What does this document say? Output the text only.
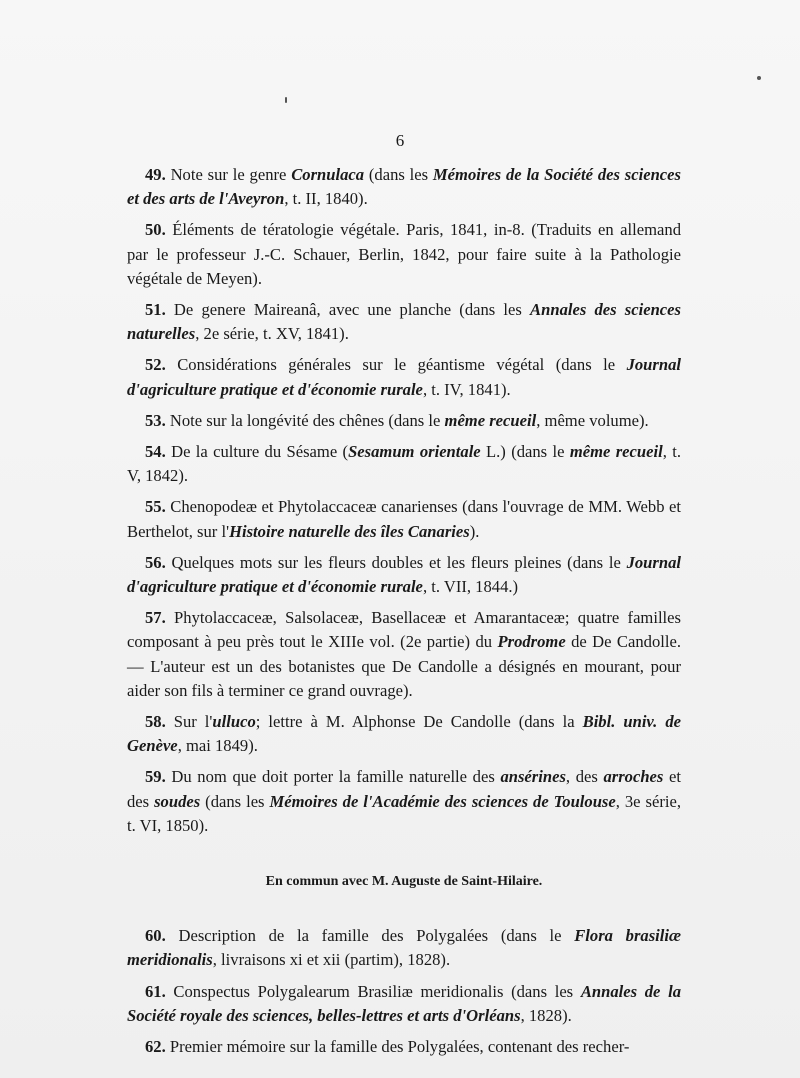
6

49. Note sur le genre Cornulaca (dans les Mémoires de la Société des sciences et des arts de l'Aveyron, t. II, 1840).

50. Éléments de tératologie végétale. Paris, 1841, in-8. (Traduits en allemand par le professeur J.-C. Schauer, Berlin, 1842, pour faire suite à la Pathologie végétale de Meyen).

51. De genere Maireanâ, avec une planche (dans les Annales des sciences naturelles, 2e série, t. XV, 1841).

52. Considérations générales sur le géantisme végétal (dans le Journal d'agriculture pratique et d'économie rurale, t. IV, 1841).

53. Note sur la longévité des chênes (dans le même recueil, même volume).

54. De la culture du Sésame (Sesamum orientale L.) (dans le même recueil, t. V, 1842).

55. Chenopodeæ et Phytolaccaceæ canarienses (dans l'ouvrage de MM. Webb et Berthelot, sur l'Histoire naturelle des îles Canaries).

56. Quelques mots sur les fleurs doubles et les fleurs pleines (dans le Journal d'agriculture pratique et d'économie rurale, t. VII, 1844.)

57. Phytolaccaceæ, Salsolaceæ, Basellaceæ et Amarantaceæ; quatre familles composant à peu près tout le XIIIe vol. (2e partie) du Prodrome de De Candolle. — L'auteur est un des botanistes que De Candolle a désignés en mourant, pour aider son fils à terminer ce grand ouvrage).

58. Sur l'ulluco; lettre à M. Alphonse De Candolle (dans la Bibl. univ. de Genève, mai 1849).

59. Du nom que doit porter la famille naturelle des ansérines, des arroches et des soudes (dans les Mémoires de l'Académie des sciences de Toulouse, 3e série, t. VI, 1850).

En commun avec M. Auguste de Saint-Hilaire.

60. Description de la famille des Polygalées (dans le Flora brasiliæ meridionalis, livraisons xi et xii (partim), 1828).

61. Conspectus Polygalearum Brasiliæ meridionalis (dans les Annales de la Société royale des sciences, belles-lettres et arts d'Orléans, 1828).

62. Premier mémoire sur la famille des Polygalées, contenant des recher-
